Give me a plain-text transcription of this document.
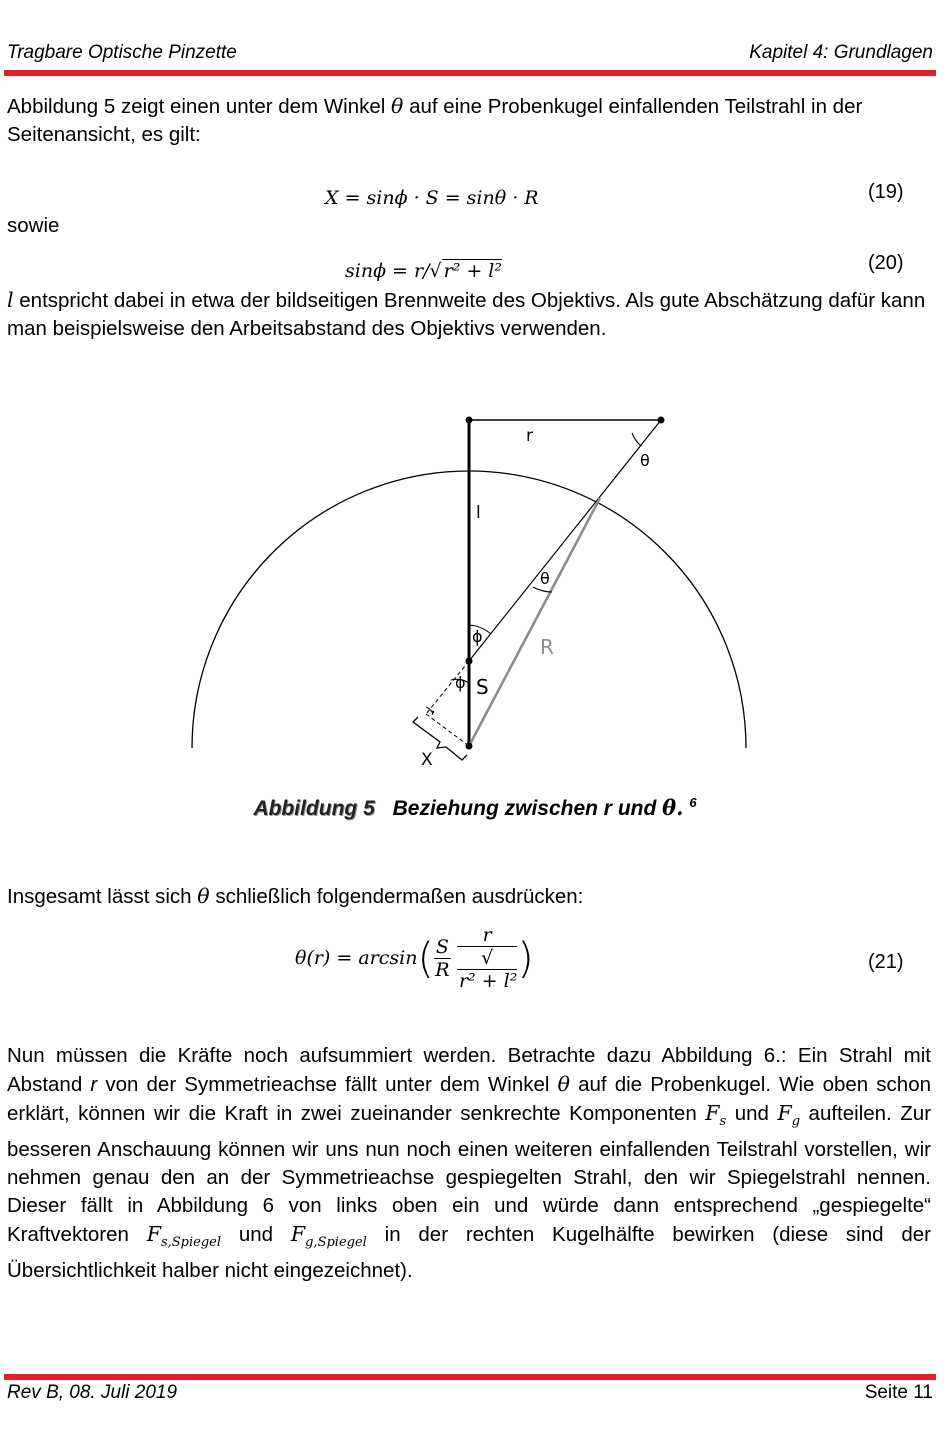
Tragbare Optische Pinzette	Kapitel 4: Grundlagen
Abbildung 5 zeigt einen unter dem Winkel θ auf eine Probenkugel einfallenden Teilstrahl in der Seitenansicht, es gilt:
X = sinϕ · S = sinθ · R	(19)
sowie
sinϕ = r/√ r² + l²	(20)
l entspricht dabei in etwa der bildseitigen Brennweite des Objektivs. Als gute Abschätzung dafür kann man beispielsweise den Arbeitsabstand des Objektivs verwenden.
r
θ
l
θ
ϕ	R
ϕ S
X
Abbildung 5 Beziehung zwischen r und θ. $^6$
Insgesamt lässt sich θ schließlich folgendermaßen ausdrücken:
$\theta(r) = \arcsin( \frac{S}{R}$
r
√
r² + l² )	(21)
Nun müssen die Kräfte noch aufsummiert werden. Betrachte dazu Abbildung 6.: Ein Strahl mit Abstand r von der Symmetrieachse fällt unter dem Winkel θ auf die Probenkugel. Wie oben schon erklärt, können wir die Kraft in zwei zueinander senkrechte Komponenten $F_s$ und $F_g$ aufteilen. Zur besseren Anschauung können wir uns nun noch einen weiteren einfallenden Teilstrahl vorstellen, wir nehmen genau den an der Symmetrieachse gespiegelten Strahl, den wir Spiegelstrahl nennen. Dieser fällt in Abbildung 6 von links oben ein und würde dann entsprechend „gespiegelte“ Kraftvektoren $F_{s,Spiegel}$ und $F_{g,Spiegel}$ in der rechten Kugelhälfte bewirken (diese sind der Übersichtlichkeit halber nicht eingezeichnet).
Rev B, 08. Juli 2019	Seite 11
